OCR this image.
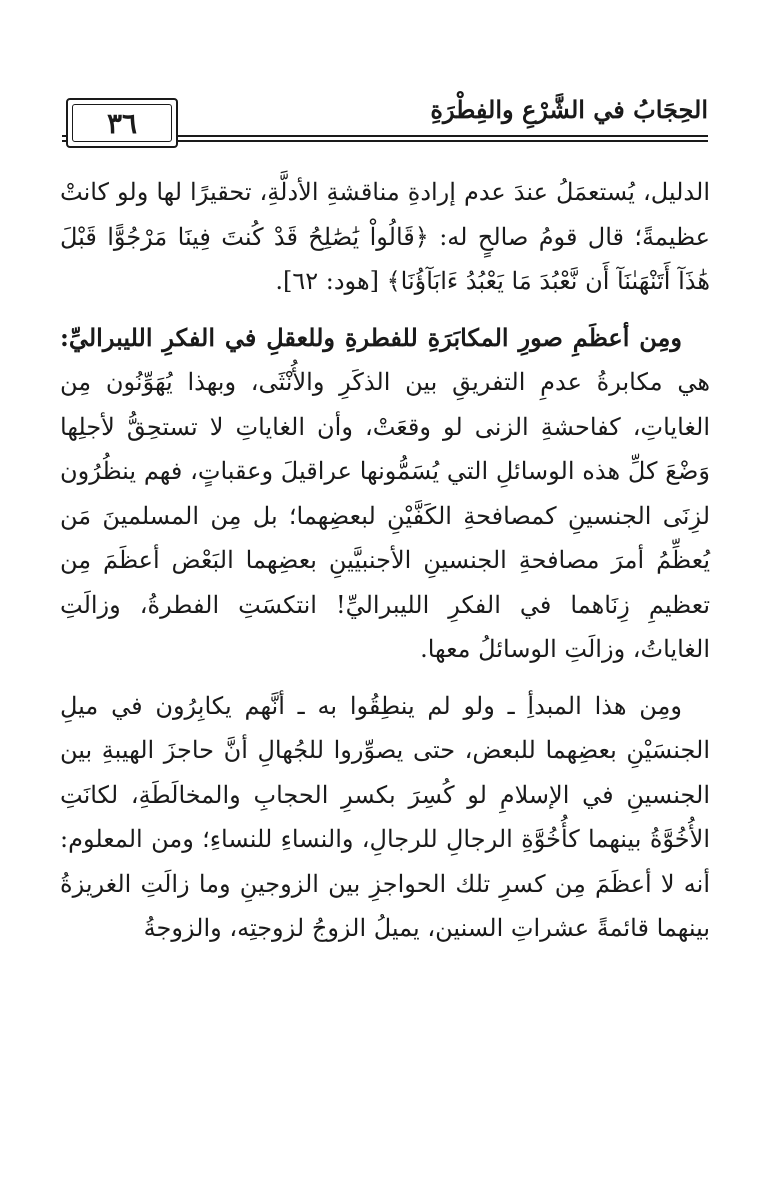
الحِجَابُ في الشَّرْعِ والفِطْرَةِ
٣٦

الدليل، يُستعمَلُ عندَ عدم إرادةِ مناقشةِ الأدلَّةِ، تحقيرًا لها ولو كانتْ عظيمةً؛ قال قومُ صالحٍ له: ﴿قَالُواْ يَٰصَٰلِحُ قَدْ كُنتَ فِينَا مَرْجُوًّا قَبْلَ هَٰذَآ أَتَنْهَىٰنَآ أَن نَّعْبُدَ مَا يَعْبُدُ ءَابَآؤُنَا﴾ [هود: ٦٢].

ومِن أعظَمِ صورِ المكابَرَةِ للفطرةِ وللعقلِ في الفكرِ الليبراليِّ: هي مكابرةُ عدمِ التفريقِ بين الذكَرِ والأُنْثَى، وبهذا يُهَوِّنُون مِن الغاياتِ، كفاحشةِ الزنى لو وقعَتْ، وأن الغاياتِ لا تستحِقُّ لأجلِها وَضْعَ كلِّ هذه الوسائلِ التي يُسَمُّونها عراقيلَ وعقباتٍ، فهم ينظُرُون لزِنَى الجنسينِ كمصافحةِ الكَفَّيْنِ لبعضِهما؛ بل مِن المسلمينَ مَن يُعظِّمُ أمرَ مصافحةِ الجنسينِ الأجنبيَّينِ بعضِهما البَعْض أعظَمَ مِن تعظيمِ زِنَاهما في الفكرِ الليبراليِّ! انتكسَتِ الفطرةُ، وزالَتِ الغاياتُ، وزالَتِ الوسائلُ معها.

ومِن هذا المبدأِ ـ ولو لم ينطِقُوا به ـ أنَّهم يكابِرُون في ميلِ الجنسَيْنِ بعضِهما للبعض، حتى يصوِّروا للجُهالِ أنَّ حاجزَ الهيبةِ بين الجنسينِ في الإسلامِ لو كُسِرَ بكسرِ الحجابِ والمخالَطَةِ، لكانَتِ الأُخُوَّةُ بينهما كأُخُوَّةِ الرجالِ للرجالِ، والنساءِ للنساءِ؛ ومن المعلوم: أنه لا أعظَمَ مِن كسرِ تلك الحواجزِ بين الزوجينِ وما زالَتِ الغريزةُ بينهما قائمةً عشراتِ السنين، يميلُ الزوجُ لزوجتِه، والزوجةُ
